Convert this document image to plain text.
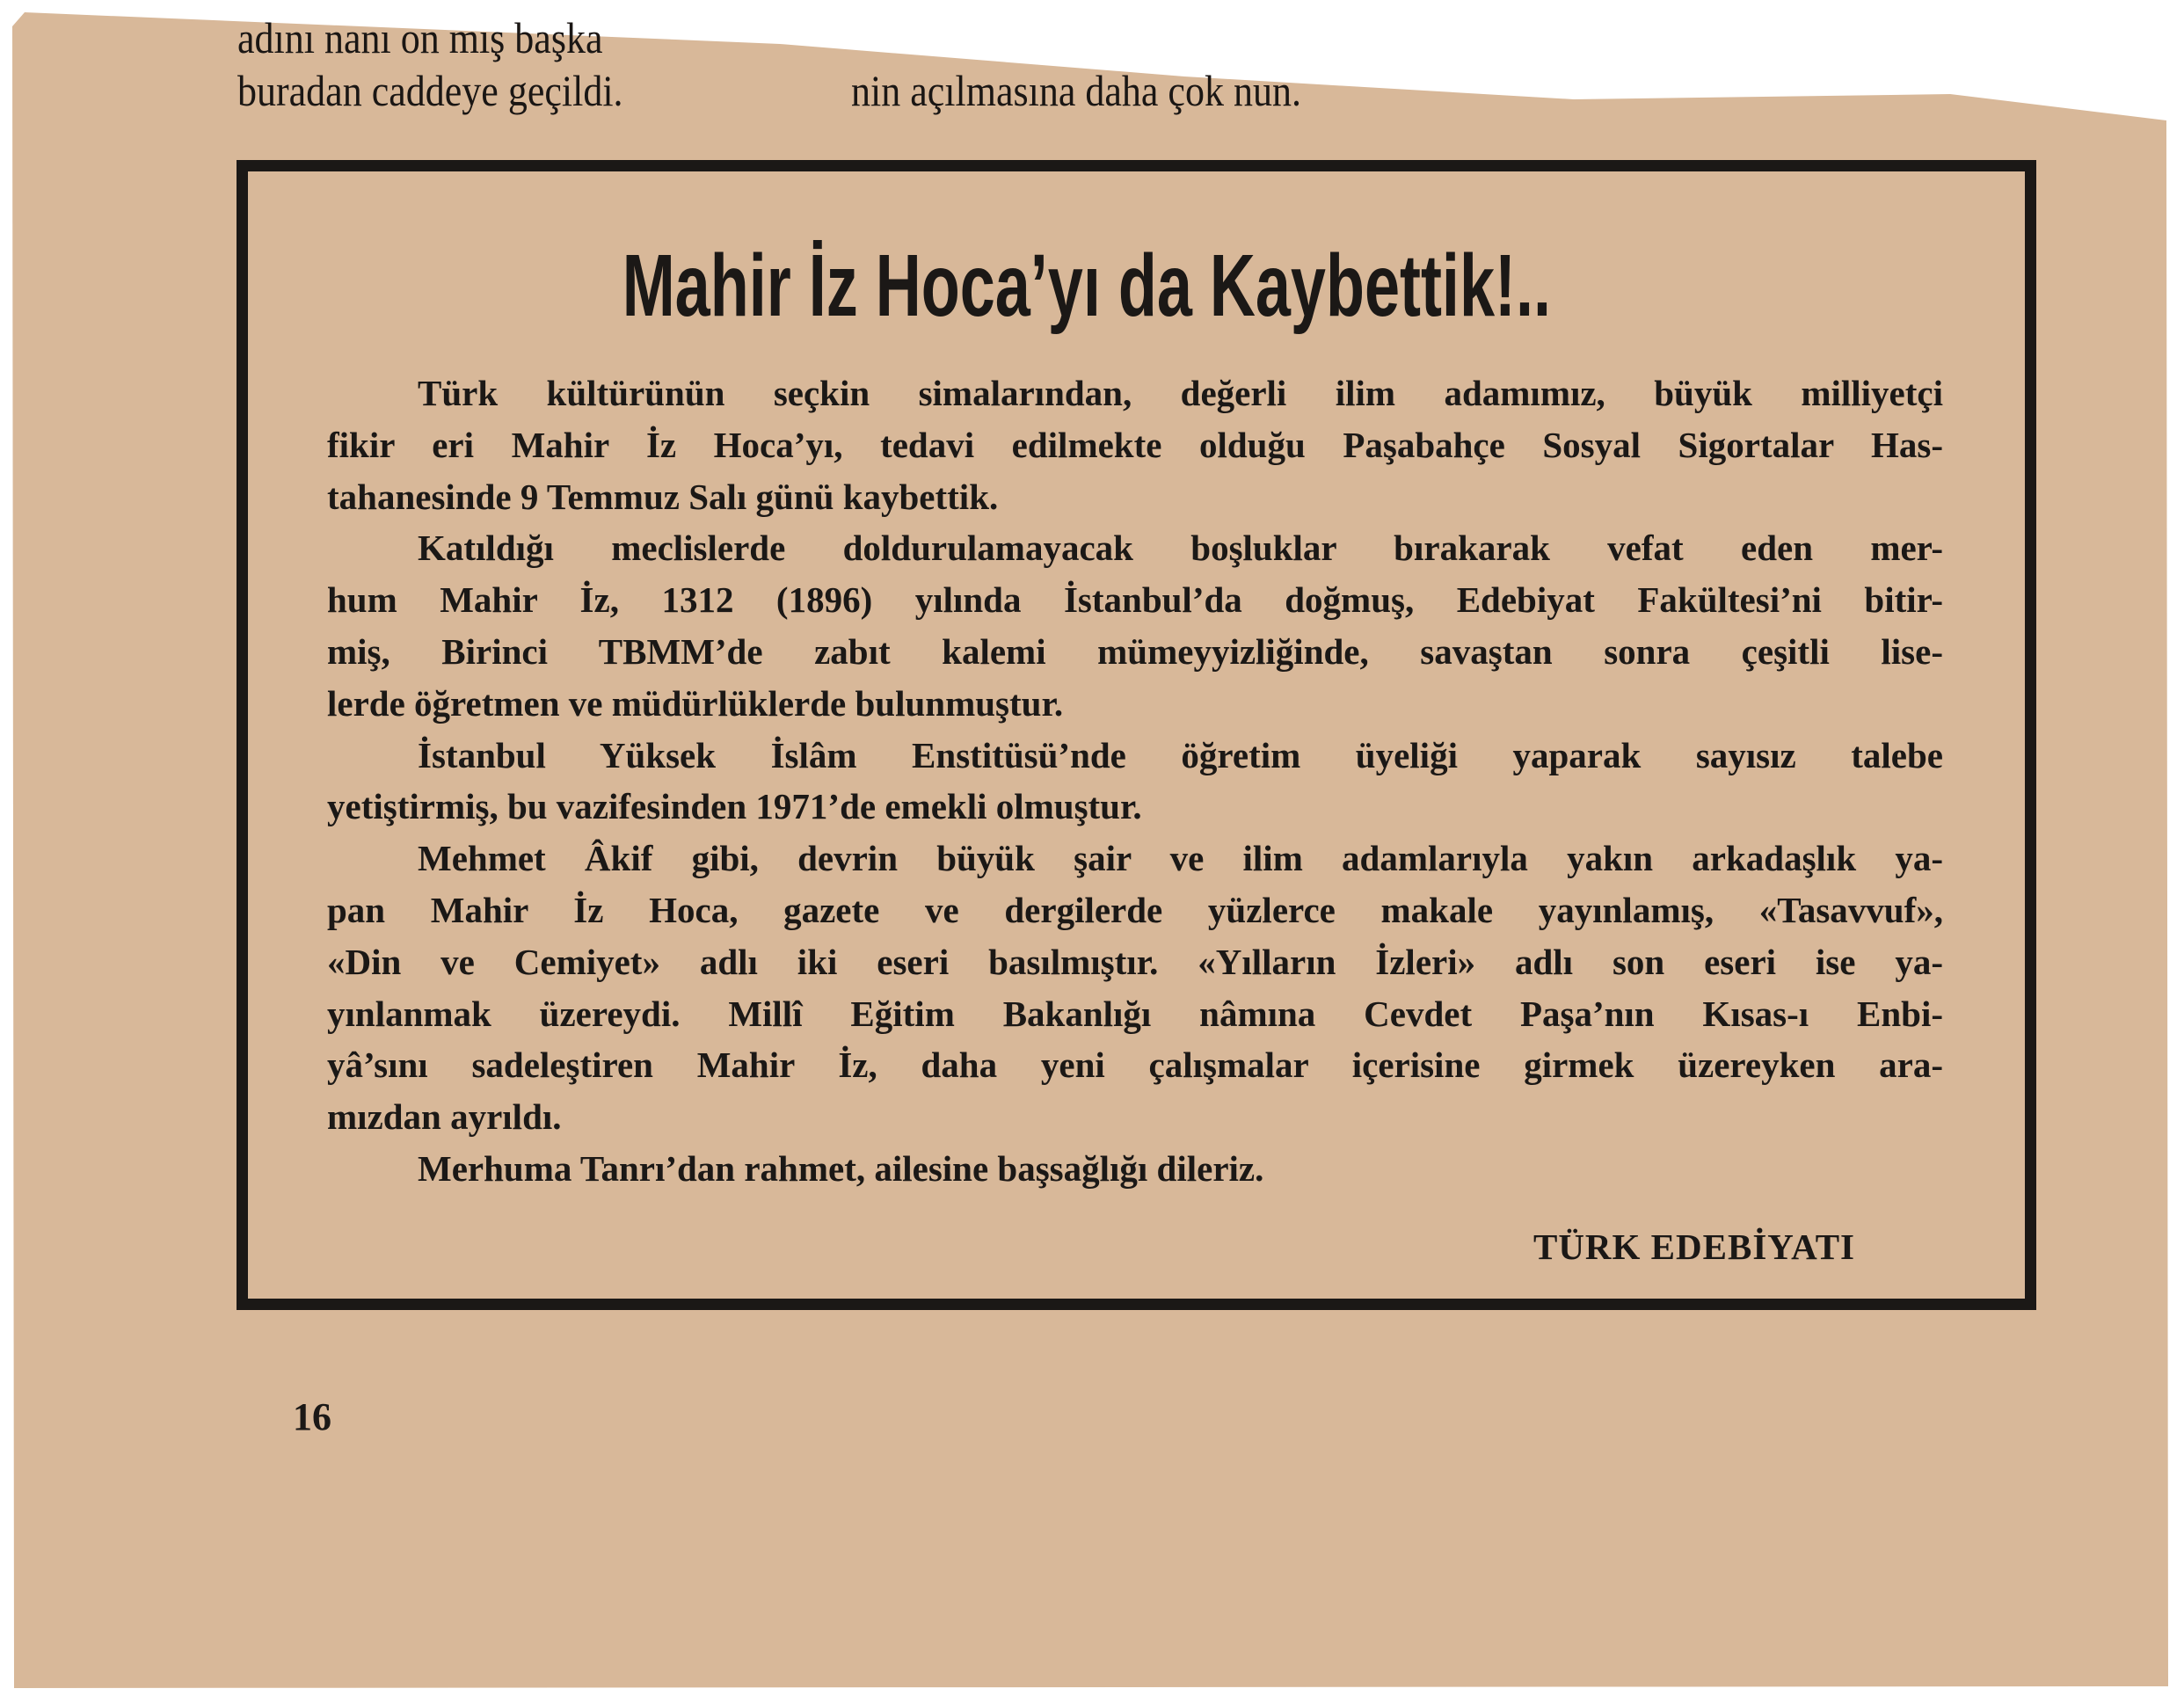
adını nanı on mış başka
buradan caddeye geçildi.	nin açılmasına daha çok nun.
Mahir İz Hoca’yı da Kaybettik!..
Türk kültürünün seçkin simalarından, değerli ilim adamımız, büyük milliyetçi
fikir eri Mahir İz Hoca’yı, tedavi edilmekte olduğu Paşabahçe Sosyal Sigortalar Has-
tahanesinde 9 Temmuz Salı günü kaybettik.
Katıldığı meclislerde doldurulamayacak boşluklar bırakarak vefat eden mer-
hum Mahir İz, 1312 (1896) yılında İstanbul’da doğmuş, Edebiyat Fakültesi’ni bitir-
miş, Birinci TBMM’de zabıt kalemi mümeyyizliğinde, savaştan sonra çeşitli lise-
lerde öğretmen ve müdürlüklerde bulunmuştur.
İstanbul Yüksek İslâm Enstitüsü’nde öğretim üyeliği yaparak sayısız talebe
yetiştirmiş, bu vazifesinden 1971’de emekli olmuştur.
Mehmet Âkif gibi, devrin büyük şair ve ilim adamlarıyla yakın arkadaşlık ya-
pan Mahir İz Hoca, gazete ve dergilerde yüzlerce makale yayınlamış, «Tasavvuf»,
«Din ve Cemiyet» adlı iki eseri basılmıştır. «Yılların İzleri» adlı son eseri ise ya-
yınlanmak üzereydi. Millî Eğitim Bakanlığı nâmına Cevdet Paşa’nın Kısas-ı Enbi-
yâ’sını sadeleştiren Mahir İz, daha yeni çalışmalar içerisine girmek üzereyken ara-
mızdan ayrıldı.
Merhuma Tanrı’dan rahmet, ailesine başsağlığı dileriz.
TÜRK EDEBİYATI
16
